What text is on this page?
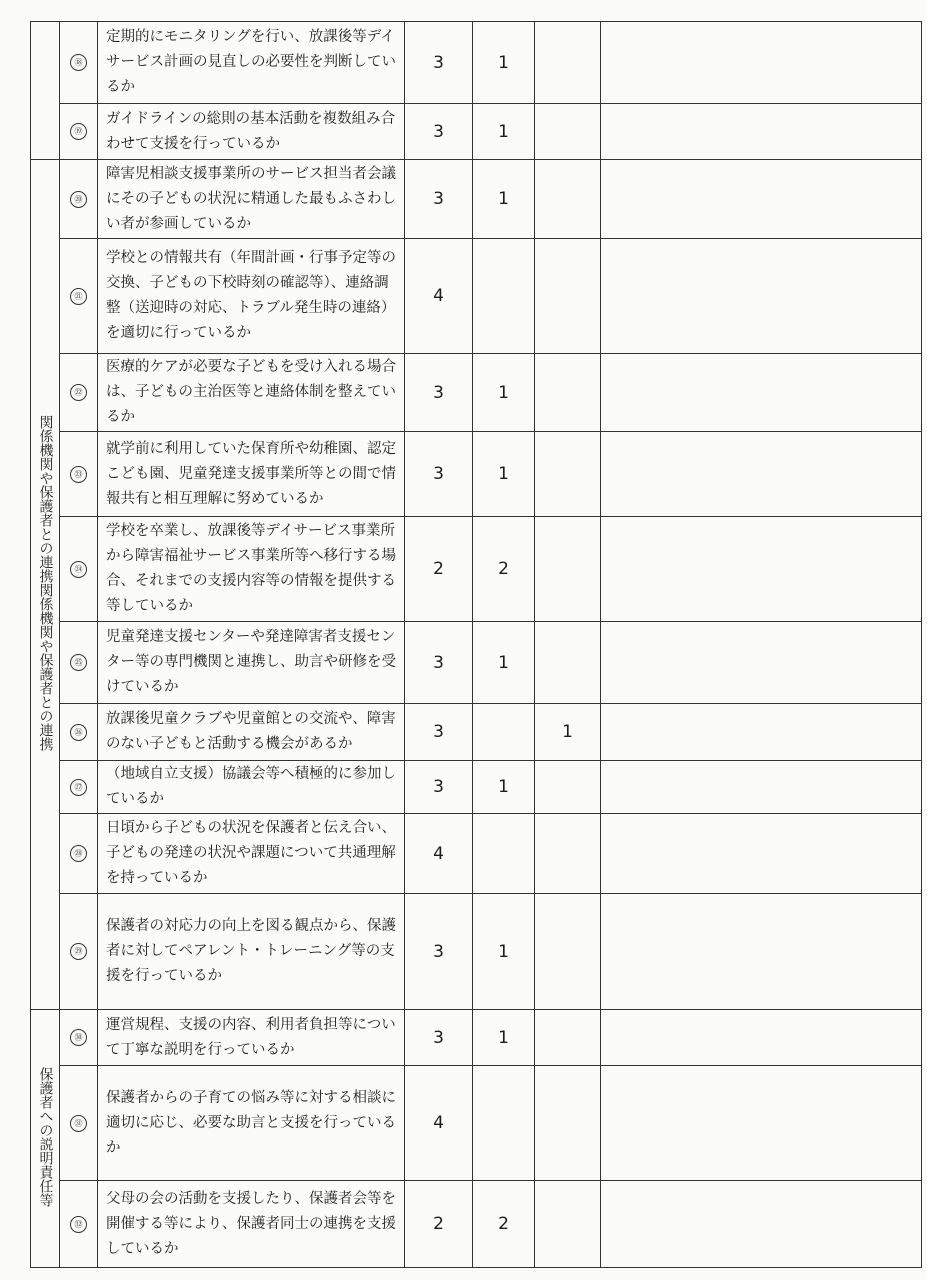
	⑱	定期的にモニタリングを行い、放課後等デイサービス計画の見直しの必要性を判断しているか	3	1		
	⑲	ガイドラインの総則の基本活動を複数組み合わせて支援を行っているか	3	1		
関係機関や保護者との連携関係機関や保護者との連携	⑳	障害児相談支援事業所のサービス担当者会議にその子どもの状況に精通した最もふさわしい者が参画しているか	3	1		
	㉑	学校との情報共有（年間計画・行事予定等の交換、子どもの下校時刻の確認等）、連絡調整（送迎時の対応、トラブル発生時の連絡）を適切に行っているか	4			
	㉒	医療的ケアが必要な子どもを受け入れる場合は、子どもの主治医等と連絡体制を整えているか	3	1		
	㉓	就学前に利用していた保育所や幼稚園、認定こども園、児童発達支援事業所等との間で情報共有と相互理解に努めているか	3	1		
	㉔	学校を卒業し、放課後等デイサービス事業所から障害福祉サービス事業所等へ移行する場合、それまでの支援内容等の情報を提供する等しているか	2	2		
	㉕	児童発達支援センターや発達障害者支援センター等の専門機関と連携し、助言や研修を受けているか	3	1		
	㉖	放課後児童クラブや児童館との交流や、障害のない子どもと活動する機会があるか	3		1	
	㉗	（地域自立支援）協議会等へ積極的に参加しているか	3	1		
	㉘	日頃から子どもの状況を保護者と伝え合い、子どもの発達の状況や課題について共通理解を持っているか	4			
	㉙	保護者の対応力の向上を図る観点から、保護者に対してペアレント・トレーニング等の支援を行っているか	3	1		
保護者への説明責任等	㉚	運営規程、支援の内容、利用者負担等について丁寧な説明を行っているか	3	1		
	㉛	保護者からの子育ての悩み等に対する相談に適切に応じ、必要な助言と支援を行っているか	4			
	㉜	父母の会の活動を支援したり、保護者会等を開催する等により、保護者同士の連携を支援しているか	2	2		
